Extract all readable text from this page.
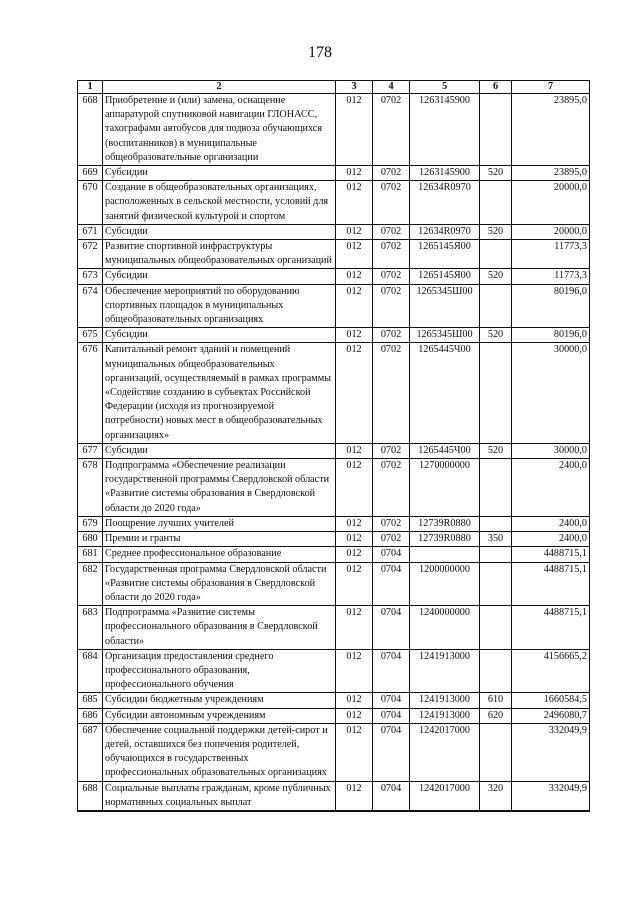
178
1	2	3	4	5	6	7
668	Приобретение и (или) замена, оснащение аппаратурой спутниковой навигации ГЛОНАСС, тахографами автобусов для подвоза обучающихся (воспитанников) в муниципальные общеобразовательные организации	012	0702	1263145900		23895,0
669	Субсидии	012	0702	1263145900	520	23895,0
670	Создание в общеобразовательных организациях, расположенных в сельской местности, условий для занятий физической культурой и спортом	012	0702	12634R0970		20000,0
671	Субсидии	012	0702	12634R0970	520	20000,0
672	Развитие спортивной инфраструктуры муниципальных общеобразовательных организаций	012	0702	1265145Я00		11773,3
673	Субсидии	012	0702	1265145Я00	520	11773,3
674	Обеспечение мероприятий по оборудованию спортивных площадок в муниципальных общеобразовательных организациях	012	0702	1265345Ш00		80196,0
675	Субсидии	012	0702	1265345Ш00	520	80196,0
676	Капитальный ремонт зданий и помещений муниципальных общеобразовательных организаций, осуществляемый в рамках программы «Содействие созданию в субъектах Российской Федерации (исходя из прогнозируемой потребности) новых мест в общеобразовательных организациях»	012	0702	1265445Ч00		30000,0
677	Субсидии	012	0702	1265445Ч00	520	30000,0
678	Подпрограмма «Обеспечение реализации государственной программы Свердловской области «Развитие системы образования в Свердловской области до 2020 года»	012	0702	1270000000		2400,0
679	Поощрение лучших учителей	012	0702	12739R0880		2400,0
680	Премии и гранты	012	0702	12739R0880	350	2400,0
681	Среднее профессиональное образование	012	0704			4488715,1
682	Государственная программа Свердловской области «Развитие системы образования в Свердловской области до 2020 года»	012	0704	1200000000		4488715,1
683	Подпрограмма «Развитие системы профессионального образования в Свердловской области»	012	0704	1240000000		4488715,1
684	Организация предоставления среднего профессионального образования, профессионального обучения	012	0704	1241913000		4156665,2
685	Субсидии бюджетным учреждениям	012	0704	1241913000	610	1660584,5
686	Субсидии автономным учреждениям	012	0704	1241913000	620	2496080,7
687	Обеспечение социальной поддержки детей-сирот и детей, оставшихся без попечения родителей, обучающихся в государственных профессиональных образовательных организациях	012	0704	1242017000		332049,9
688	Социальные выплаты гражданам, кроме публичных нормативных социальных выплат	012	0704	1242017000	320	332049,9
